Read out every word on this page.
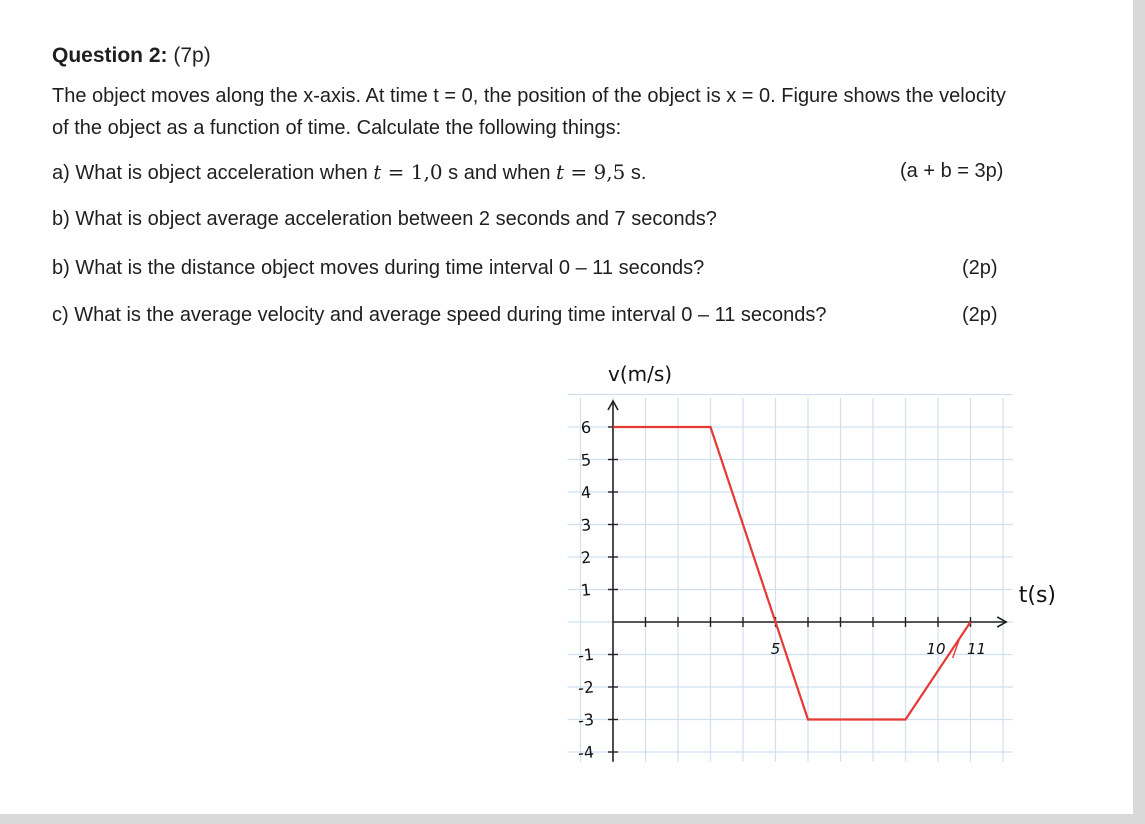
Question 2: (7p)
The object moves along the x-axis. At time t = 0, the position of the object is x = 0. Figure shows the velocity of the object as a function of time. Calculate the following things:
a) What is object acceleration when t = 1,0 s and when t = 9,5 s.	(a + b = 3p)
b) What is object average acceleration between 2 seconds and 7 seconds?
b) What is the distance object moves during time interval 0 – 11 seconds?	(2p)
c) What is the average velocity and average speed during time interval 0 – 11 seconds?	(2p)
6
5
4
3
2
1
-1
-2
-3
-4
5	10 11
v(m/s)
t(s)
